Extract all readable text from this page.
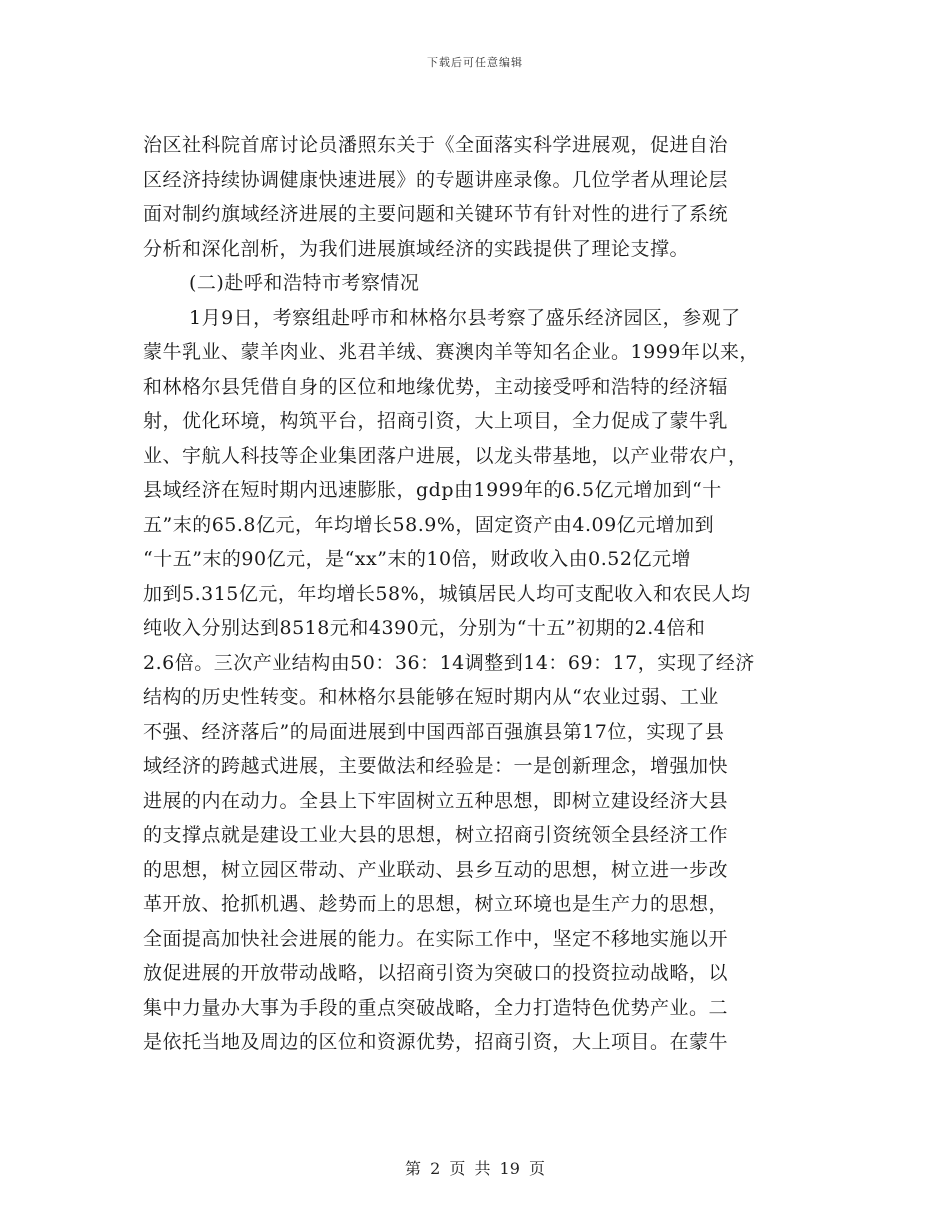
下载后可任意编辑
治区社科院首席讨论员潘照东关于《全面落实科学进展观，促进自治
区经济持续协调健康快速进展》的专题讲座录像。几位学者从理论层
面对制约旗域经济进展的主要问题和关键环节有针对性的进行了系统
分析和深化剖析，为我们进展旗域经济的实践提供了理论支撑。
(二)赴呼和浩特市考察情况
1月9日，考察组赴呼市和林格尔县考察了盛乐经济园区，参观了
蒙牛乳业、蒙羊肉业、兆君羊绒、赛澳肉羊等知名企业。1999年以来，
和林格尔县凭借自身的区位和地缘优势，主动接受呼和浩特的经济辐
射，优化环境，构筑平台，招商引资，大上项目，全力促成了蒙牛乳
业、宇航人科技等企业集团落户进展，以龙头带基地，以产业带农户，
县域经济在短时期内迅速膨胀，gdp由1999年的6.5亿元增加到“十
五”末的65.8亿元，年均增长58.9%，固定资产由4.09亿元增加到
“十五”末的90亿元，是“xx”末的10倍，财政收入由0.52亿元增
加到5.315亿元，年均增长58%，城镇居民人均可支配收入和农民人均
纯收入分别达到8518元和4390元，分别为“十五”初期的2.4倍和
2.6倍。三次产业结构由50：36：14调整到14：69：17，实现了经济
结构的历史性转变。和林格尔县能够在短时期内从“农业过弱、工业
不强、经济落后”的局面进展到中国西部百强旗县第17位，实现了县
域经济的跨越式进展，主要做法和经验是：一是创新理念，增强加快
进展的内在动力。全县上下牢固树立五种思想，即树立建设经济大县
的支撑点就是建设工业大县的思想，树立招商引资统领全县经济工作
的思想，树立园区带动、产业联动、县乡互动的思想，树立进一步改
革开放、抢抓机遇、趁势而上的思想，树立环境也是生产力的思想，
全面提高加快社会进展的能力。在实际工作中，坚定不移地实施以开
放促进展的开放带动战略，以招商引资为突破口的投资拉动战略，以
集中力量办大事为手段的重点突破战略，全力打造特色优势产业。二
是依托当地及周边的区位和资源优势，招商引资，大上项目。在蒙牛
第 2 页 共 19 页
